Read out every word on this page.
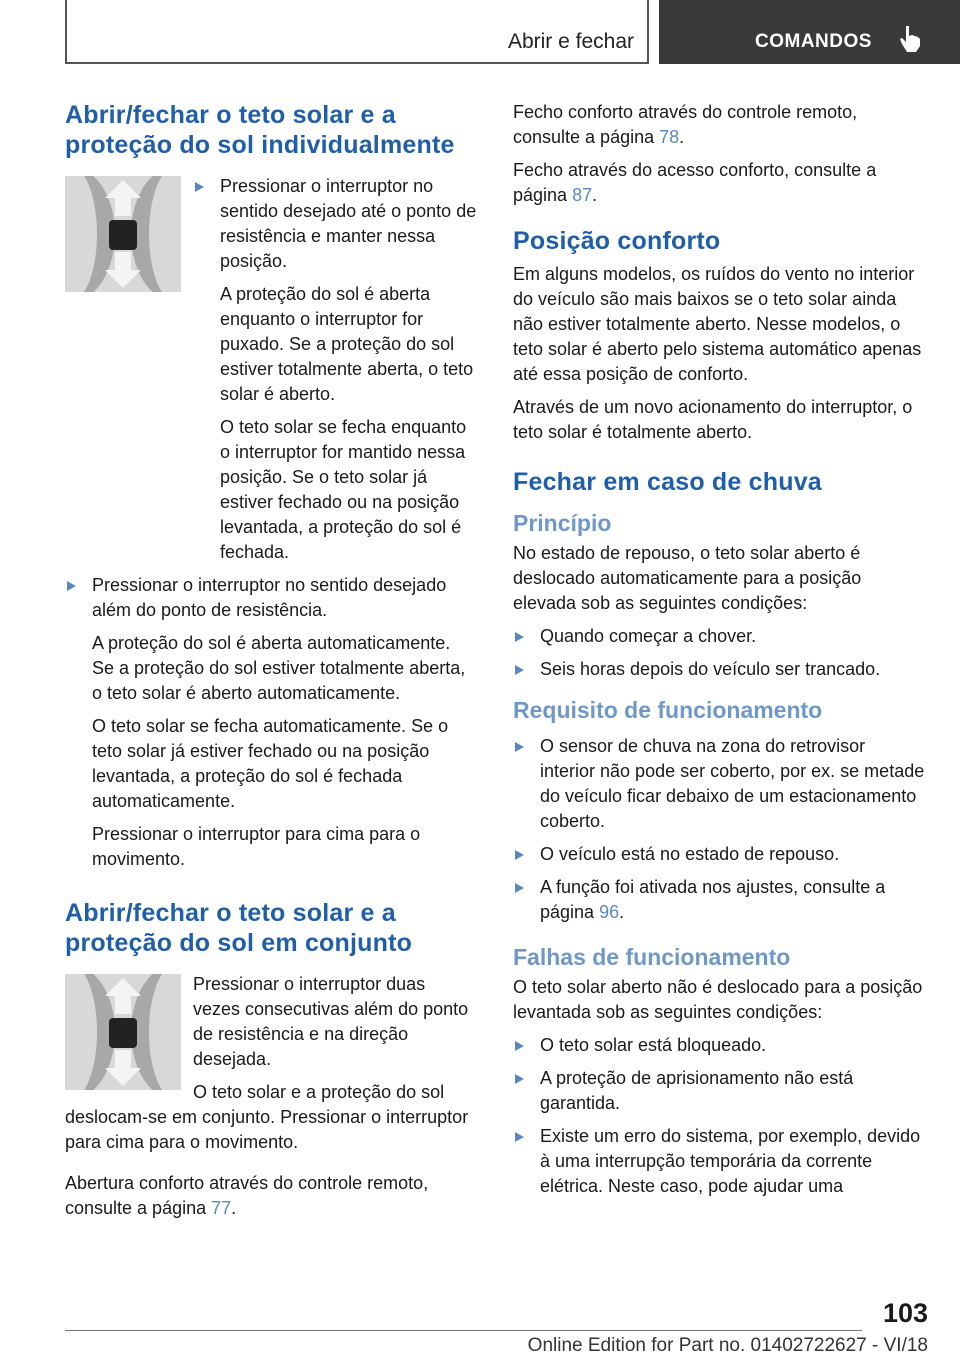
Abrir e fechar	COMANDOS
Abrir/fechar o teto solar e a proteção do sol individualmente
Pressionar o interruptor no sentido desejado até o ponto de resistência e manter nessa posição.

A proteção do sol é aberta enquanto o interruptor for puxado. Se a proteção do sol estiver totalmente aberta, o teto solar é aberto.

O teto solar se fecha enquanto o interruptor for mantido nessa posição. Se o teto solar já estiver fechado ou na posição levantada, a proteção do sol é fechada.

Pressionar o interruptor no sentido desejado além do ponto de resistência.

A proteção do sol é aberta automaticamente. Se a proteção do sol estiver totalmente aberta, o teto solar é aberto automaticamente.

O teto solar se fecha automaticamente. Se o teto solar já estiver fechado ou na posição levantada, a proteção do sol é fechada automaticamente.

Pressionar o interruptor para cima para o movimento.

Abrir/fechar o teto solar e a proteção do sol em conjunto

Pressionar o interruptor duas vezes consecutivas além do ponto de resistência e na direção desejada.

O teto solar e a proteção do sol deslocam-se em conjunto. Pressionar o interruptor para cima para o movimento.

Abertura conforto através do controle remoto, consulte a página 77.

Fecho conforto através do controle remoto, consulte a página 78.

Fecho através do acesso conforto, consulte a página 87.

Posição conforto

Em alguns modelos, os ruídos do vento no interior do veículo são mais baixos se o teto solar ainda não estiver totalmente aberto. Nesse modelos, o teto solar é aberto pelo sistema automático apenas até essa posição de conforto.

Através de um novo acionamento do interruptor, o teto solar é totalmente aberto.

Fechar em caso de chuva
Princípio

No estado de repouso, o teto solar aberto é deslocado automaticamente para a posição elevada sob as seguintes condições:

Quando começar a chover.
Seis horas depois do veículo ser trancado.
Requisito de funcionamento
O sensor de chuva na zona do retrovisor interior não pode ser coberto, por ex. se metade do veículo ficar debaixo de um estacionamento coberto.
O veículo está no estado de repouso.
A função foi ativada nos ajustes, consulte a página 96.
Falhas de funcionamento

O teto solar aberto não é deslocado para a posição levantada sob as seguintes condições:

O teto solar está bloqueado.
A proteção de aprisionamento não está garantida.
Existe um erro do sistema, por exemplo, devido à uma interrupção temporária da corrente elétrica. Neste caso, pode ajudar uma
103
Online Edition for Part no. 01402722627 - VI/18
